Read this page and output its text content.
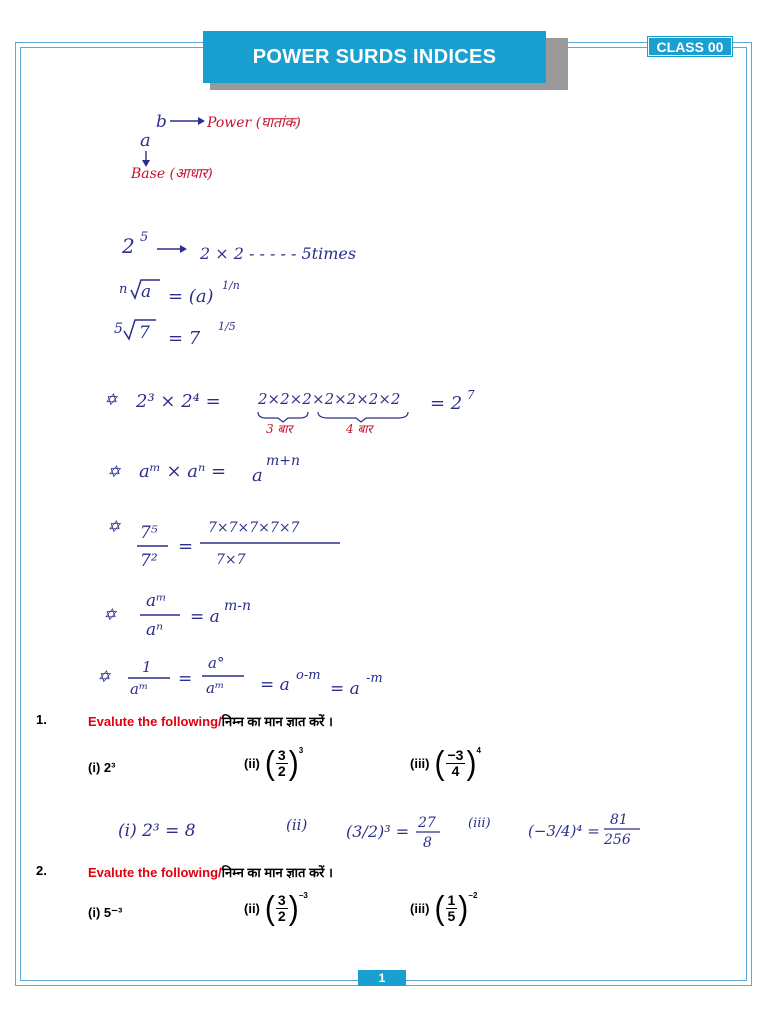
POWER SURDS INDICES	CLASS 00
b
a
Power (घातांक)
Base (आधार)
2 5
2 × 2 - - - - - 5times
n a = (a)
1/n
5 7 = 7
1/5
✡ 2³ × 2⁴ = 2×2×2 ×2×2×2×2 = 2 7
3 बार	4 बार
✡ aᵐ × aⁿ = a
m+n
✡ 7⁵
7²
=
7×7×7×7×7
7×7
✡
aᵐ
aⁿ
= a
m-n
✡ 1
aᵐ =
a°
aᵐ = a o-m
= a
-m
(i) 2³ = 8	(ii) (3/2)³ = 27
8
(iii) (−3/4)⁴ =
81
256
1.	Evalute the following/निम्न का मान ज्ञात करें ।
(i) 2³	(ii) ( $\frac{3}{2}$ ) 3
(iii) ( $\frac{-3}{4}$ ) 4
2.	Evalute the following/निम्न का मान ज्ञात करें ।
(i) 5⁻³	(ii) ( $\frac{3}{2}$ ) −3
(iii) ( $\frac{1}{5}$ ) −2
1
